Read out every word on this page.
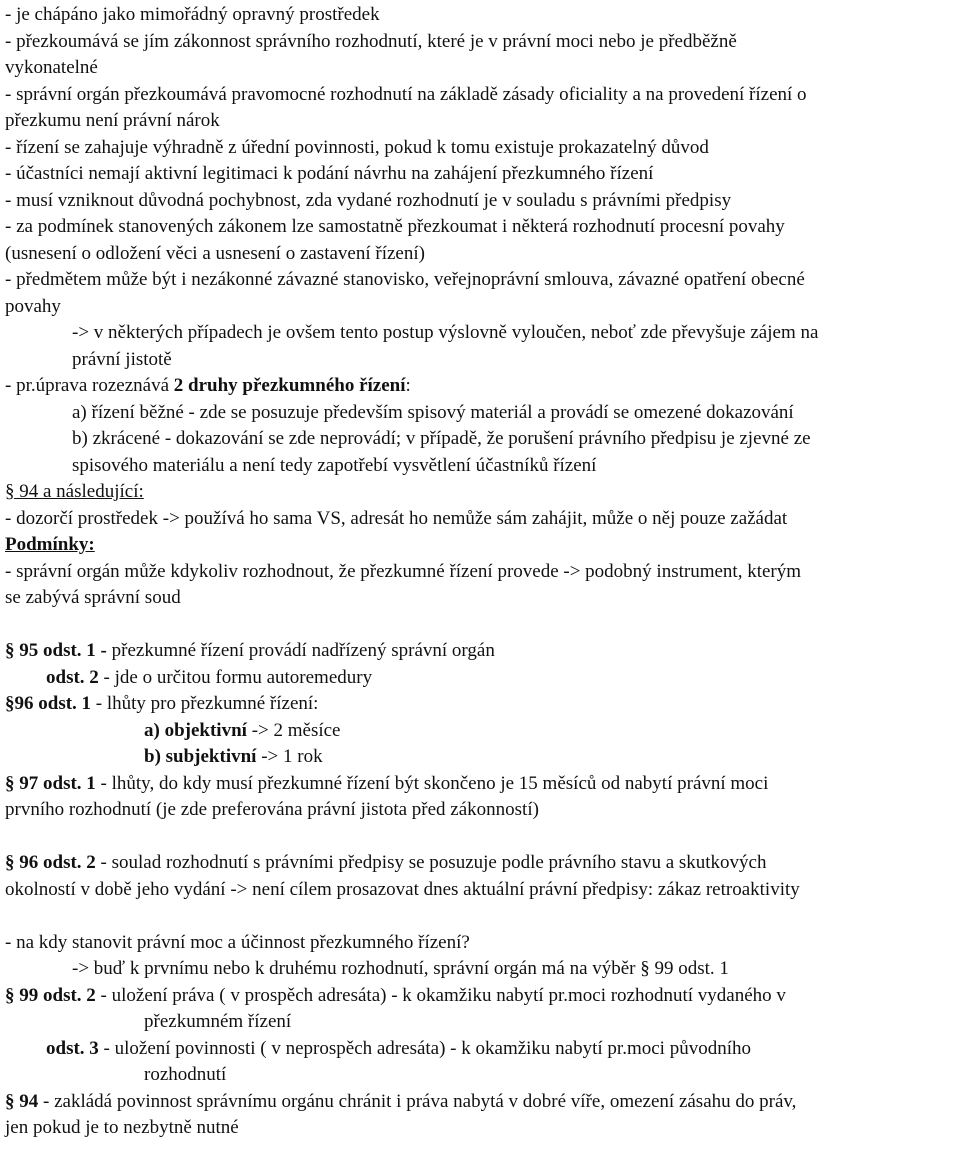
- je chápáno jako mimořádný opravný prostředek

- přezkoumává se jím zákonnost správního rozhodnutí, které je v právní moci nebo je předběžně

vykonatelné

- správní orgán přezkoumává pravomocné rozhodnutí na základě zásady oficiality a na provedení řízení o

přezkumu není právní nárok

- řízení se zahajuje výhradně z úřední povinnosti, pokud k tomu existuje prokazatelný důvod

- účastníci nemají aktivní legitimaci k podání návrhu na zahájení přezkumného řízení

- musí vzniknout důvodná pochybnost, zda vydané rozhodnutí je v souladu s právními předpisy

- za podmínek stanovených zákonem lze samostatně přezkoumat i některá rozhodnutí procesní povahy

(usnesení o odložení věci a usnesení o zastavení řízení)

- předmětem může být i nezákonné závazné stanovisko, veřejnoprávní smlouva, závazné opatření obecné

povahy

-> v některých případech je ovšem tento postup výslovně vyloučen, neboť zde převyšuje zájem na

právní jistotě

- pr.úprava rozeznává 2 druhy přezkumného řízení:

a) řízení běžné - zde se posuzuje především spisový materiál a provádí se omezené dokazování

b) zkrácené - dokazování se zde neprovádí; v případě, že porušení právního předpisu je zjevné ze

spisového materiálu a není tedy zapotřebí vysvětlení účastníků řízení

§ 94 a následující:

- dozorčí prostředek -> používá ho sama VS, adresát ho nemůže sám zahájit, může o něj pouze zažádat

Podmínky:

- správní orgán může kdykoliv rozhodnout, že přezkumné řízení provede -> podobný instrument, kterým

se zabývá správní soud

§ 95 odst. 1 - přezkumné řízení provádí nadřízený správní orgán

odst. 2 - jde o určitou formu autoremedury

§96 odst. 1 - lhůty pro přezkumné řízení:

a) objektivní -> 2 měsíce

b) subjektivní -> 1 rok

§ 97 odst. 1 - lhůty, do kdy musí přezkumné řízení být skončeno je 15 měsíců od nabytí právní moci

prvního rozhodnutí (je zde preferována právní jistota před zákonností)

§ 96 odst. 2 - soulad rozhodnutí s právními předpisy se posuzuje podle právního stavu a skutkových

okolností v době jeho vydání -> není cílem prosazovat dnes aktuální právní předpisy: zákaz retroaktivity

- na kdy stanovit právní moc a účinnost přezkumného řízení?

-> buď k prvnímu nebo k druhému rozhodnutí, správní orgán má na výběr § 99 odst. 1

§ 99 odst. 2 - uložení práva ( v prospěch adresáta) - k okamžiku nabytí pr.moci rozhodnutí vydaného v

přezkumném řízení

odst. 3 - uložení povinnosti ( v neprospěch adresáta) - k okamžiku nabytí pr.moci původního

rozhodnutí

§ 94 - zakládá povinnost správnímu orgánu chránit i práva nabytá v dobré víře, omezení zásahu do práv,

jen pokud je to nezbytně nutné
